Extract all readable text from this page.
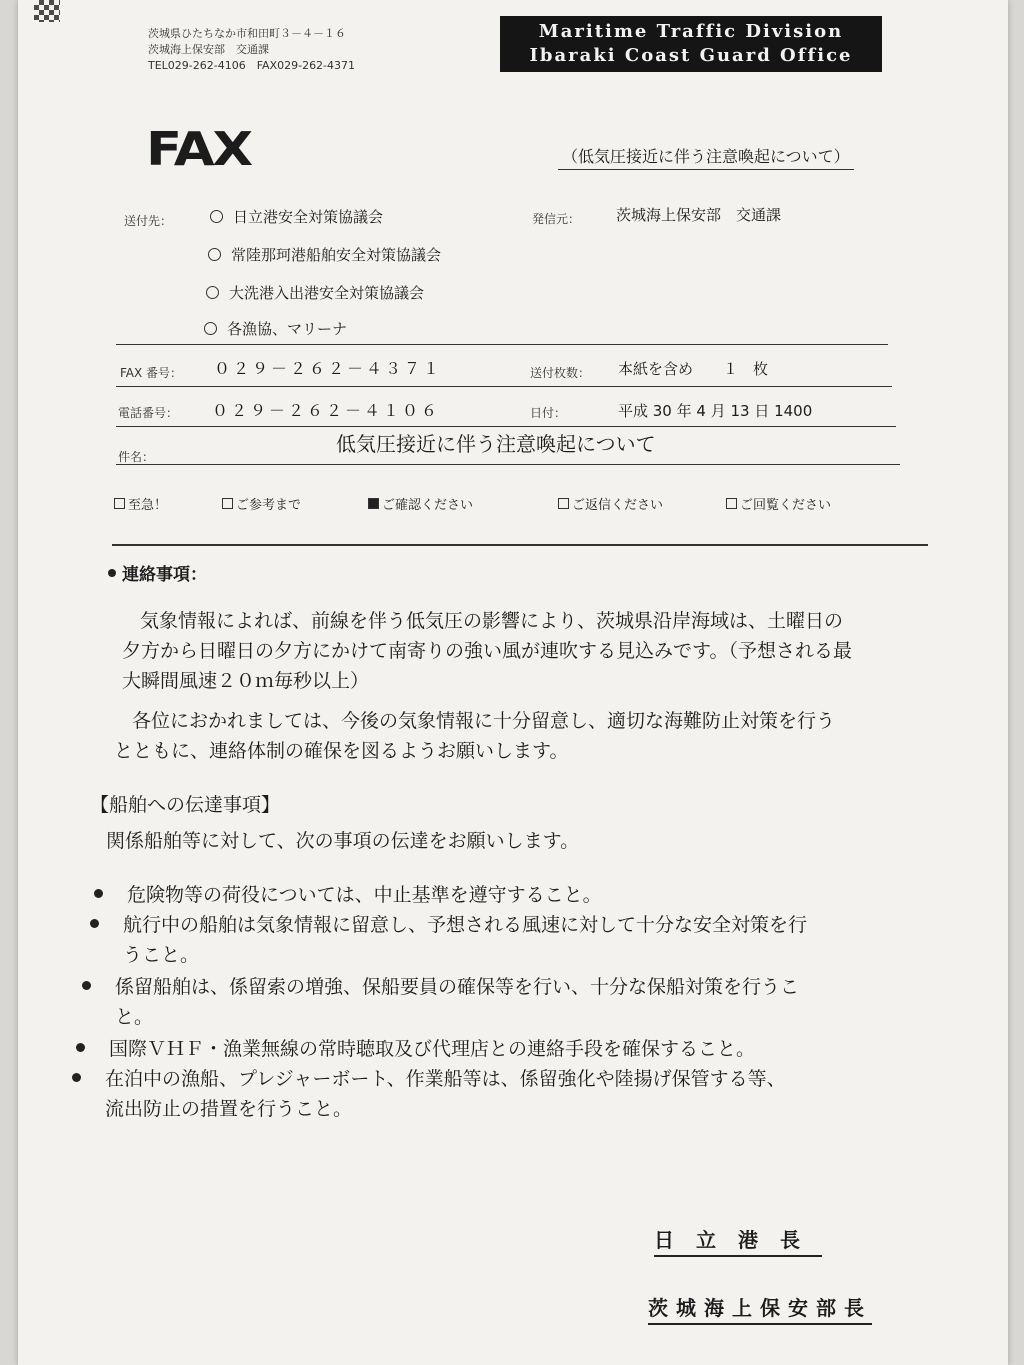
茨城県ひたちなか市和田町３－４－１６
茨城海上保安部　交通課
TEL029-262-4106　FAX029-262-4371
Maritime Traffic Division
Ibaraki Coast Guard Office
FAX	（低気圧接近に伴う注意喚起について）
送付先：	日立港安全対策協議会
常陸那珂港船舶安全対策協議会
大洗港入出港安全対策協議会
各漁協、マリーナ
発信元： 茨城海上保安部　交通課
FAX 番号： ０２９－２６２－４３７１	送付枚数： 本紙を含め　　１　枚
電話番号： ０２９－２６２－４１０６	日付：	平成 30 年 4 月 13 日 1400
件名：
低気圧接近に伴う注意喚起について
至急！	ご参考まで	ご確認ください	ご返信ください	ご回覧ください
連絡事項：
気象情報によれば、前線を伴う低気圧の影響により、茨城県沿岸海域は、土曜日の
夕方から日曜日の夕方にかけて南寄りの強い風が連吹する見込みです。（予想される最
大瞬間風速２０ｍ毎秒以上）
各位におかれましては、今後の気象情報に十分留意し、適切な海難防止対策を行う
とともに、連絡体制の確保を図るようお願いします。
【船舶への伝達事項】
関係船舶等に対して、次の事項の伝達をお願いします。
危険物等の荷役については、中止基準を遵守すること。
航行中の船舶は気象情報に留意し、予想される風速に対して十分な安全対策を行
うこと。
係留船舶は、係留索の増強、保船要員の確保等を行い、十分な保船対策を行うこ
と。
国際ＶＨＦ・漁業無線の常時聴取及び代理店との連絡手段を確保すること。
在泊中の漁船、プレジャーボート、作業船等は、係留強化や陸揚げ保管する等、
流出防止の措置を行うこと。
日立港長
茨城海上保安部長
